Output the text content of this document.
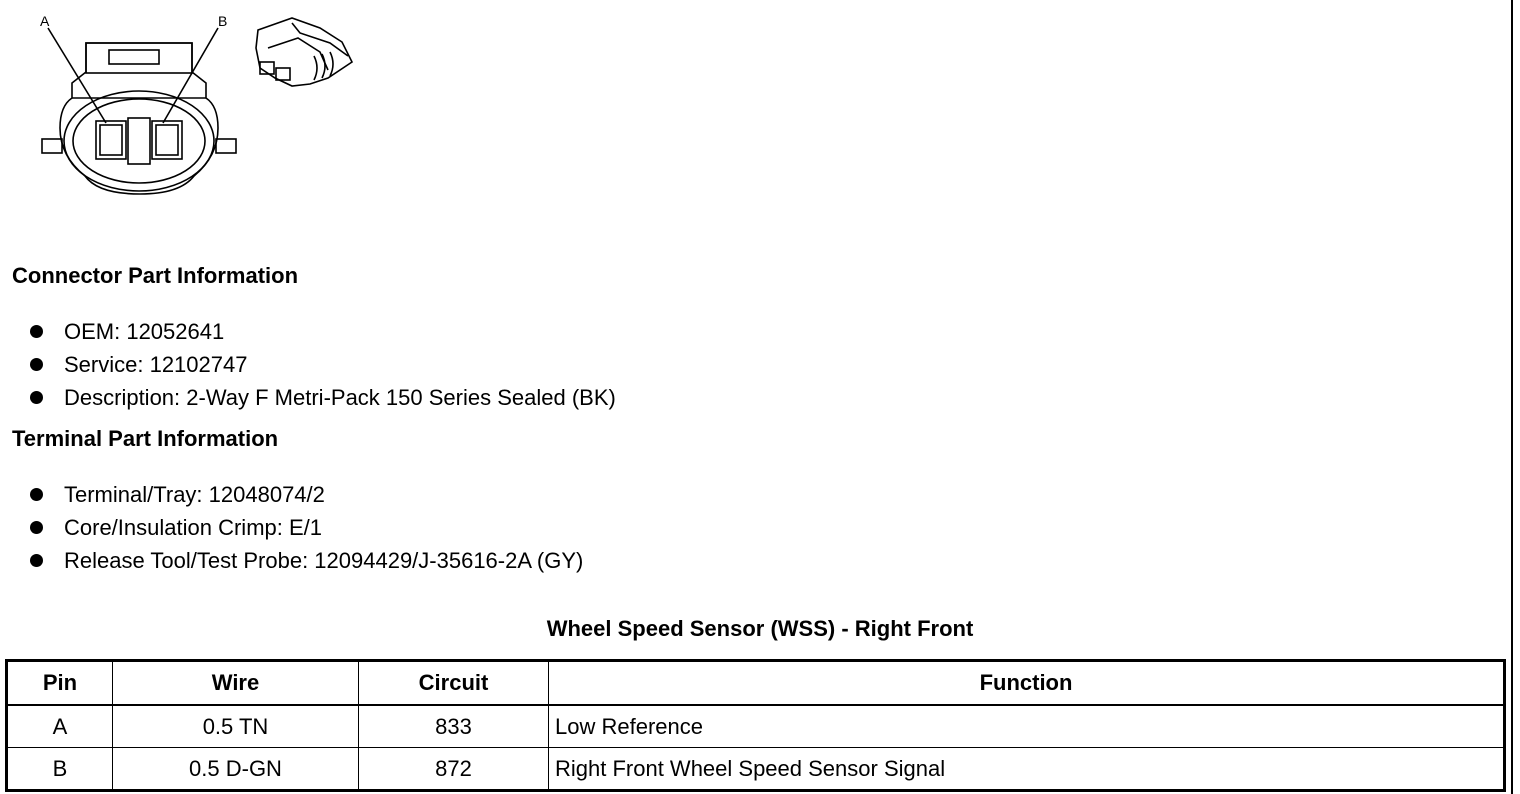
A	B
Connector Part Information
OEM: 12052641
Service: 12102747
Description: 2-Way F Metri-Pack 150 Series Sealed (BK)
Terminal Part Information
Terminal/Tray: 12048074/2
Core/Insulation Crimp: E/1
Release Tool/Test Probe: 12094429/J-35616-2A (GY)
Wheel Speed Sensor (WSS) - Right Front
Pin	Wire	Circuit	Function
A	0.5 TN	833	Low Reference
B	0.5 D-GN	872	Right Front Wheel Speed Sensor Signal
